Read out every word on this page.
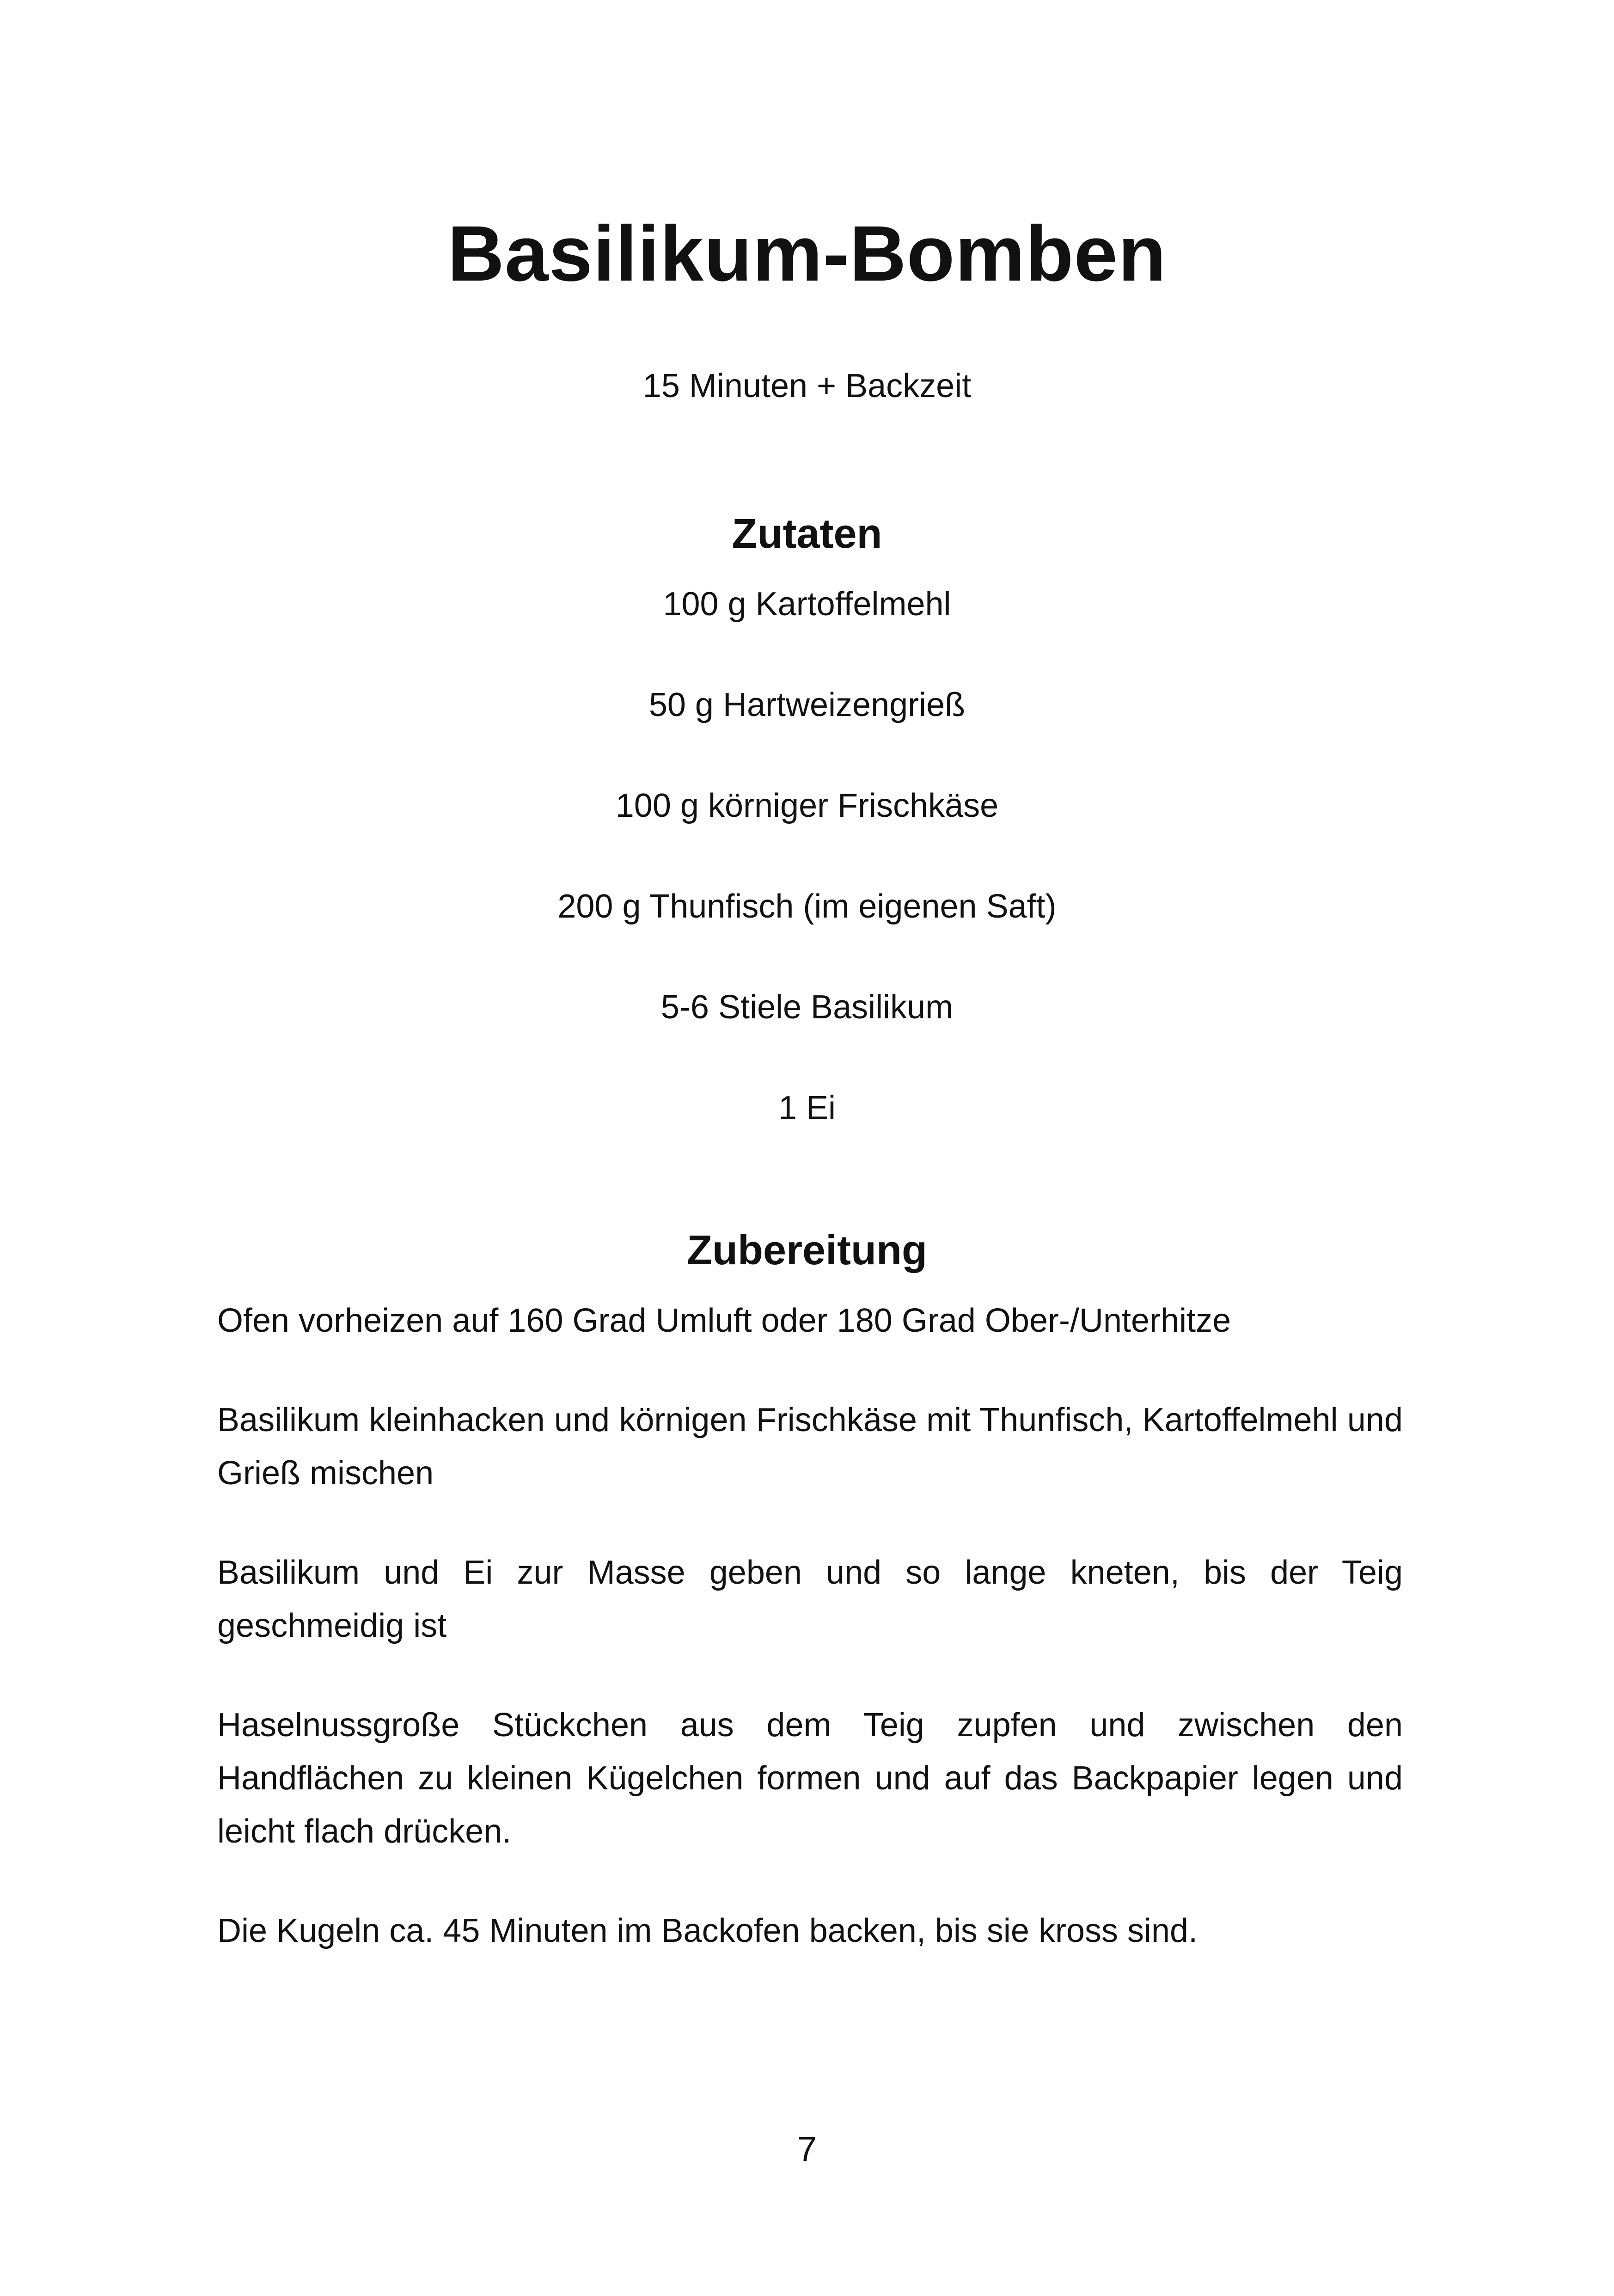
Basilikum-Bomben
15 Minuten + Backzeit
Zutaten
100 g Kartoffelmehl
50 g Hartweizengrieß
100 g körniger Frischkäse
200 g Thunfisch (im eigenen Saft)
5-6 Stiele Basilikum
1 Ei
Zubereitung

Ofen vorheizen auf 160 Grad Umluft oder 180 Grad Ober-/Unterhitze

Basilikum kleinhacken und körnigen Frischkäse mit Thunfisch, Kartoffelmehl und Grieß mischen

Basilikum und Ei zur Masse geben und so lange kneten, bis der Teig geschmeidig ist

Haselnussgroße Stückchen aus dem Teig zupfen und zwischen den Handflächen zu kleinen Kügelchen formen und auf das Backpapier legen und leicht flach drücken.

Die Kugeln ca. 45 Minuten im Backofen backen, bis sie kross sind.

7
